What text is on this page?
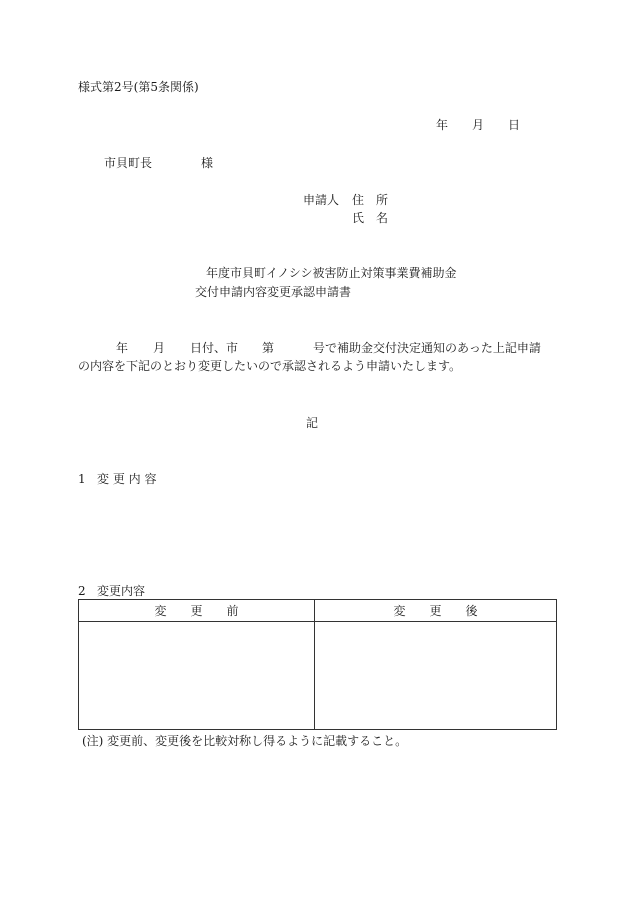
様式第2号(第5条関係)
年　　月　　日
市貝町長	様
申請人 住　所
氏　名
年度市貝町イノシシ被害防止対策事業費補助金
交付申請内容変更承認申請書
年 月 日付、市 第	号で補助金交付決定通知のあった上記申請
の内容を下記のとおり変更したいので承認されるよう申請いたします。
記
1 変 更 内 容
2 変更内容
変　　更　　前	変　　更　　後

(注) 変更前、変更後を比較対称し得るように記載すること。
